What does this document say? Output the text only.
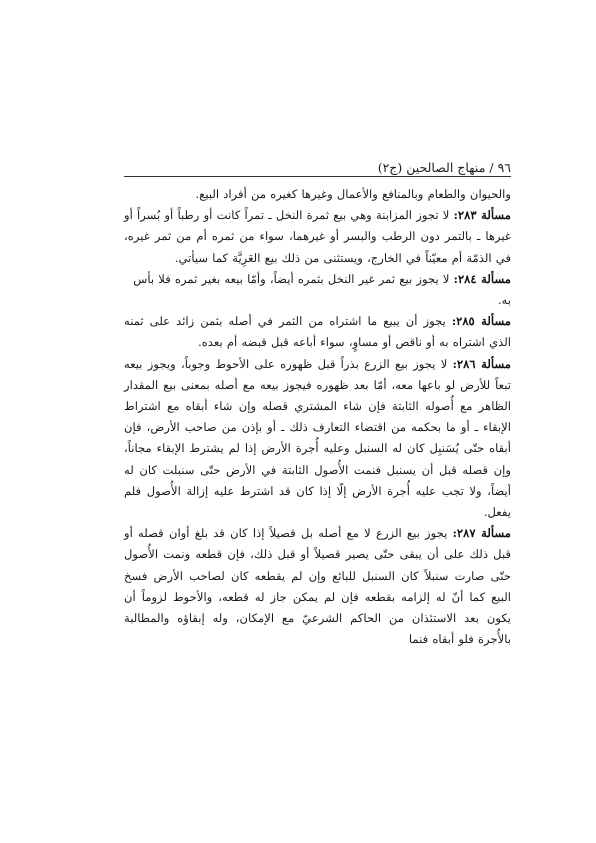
٩٦ / منهاج الصالحين (ج٢)

والحيوان والطعام وبالمنافع والأعمال وغيرها كغيره من أفراد البيع.

مسألة ٢٨٣: لا تجوز المزابنة وهي بيع ثمرة النخل ـ تمراً كانت أو رطباً أو بُسراً أو غيرها ـ بالتمر دون الرطب والبسر أو غيرهما، سواء من ثمره أم من ثمر غيره، في الذمّة أم معيّناً في الخارج، ويستثنى من ذلك بيع العَرِيَّة كما سيأتي.

مسألة ٢٨٤: لا يجوز بيع ثمر غير النخل بثمره أيضاً، وأمّا بيعه بغير ثمره فلا بأس

به.

مسألة ٢٨٥: يجوز أن يبيع ما اشتراه من الثمر في أصله بثمن زائد على ثمنه الذي اشتراه به أو ناقص أو مساوٍ، سواء أباعه قبل قبضه أم بعده.

مسألة ٢٨٦: لا يجوز بيع الزرع بذراً قبل ظهوره على الأحوط وجوباً، ويجوز بيعه تبعاً للأرض لو باعها معه، أمّا بعد ظهوره فيجوز بيعه مع أصله بمعنى بيع المقدار الظاهر مع أُصوله الثابتة فإن شاء المشتري قصله وإن شاء أبقاه مع اشتراط الإبقاء ـ أو ما بحكمه من اقتضاء التعارف ذلك ـ أو بإذن من صاحب الأرض، فإن أبقاه حتّى يُسَنبِل كان له السنبل وعليه أُجرة الأرض إذا لم يشترط الإبقاء مجاناً، وإن قصله قبل أن يسنبل فنمت الأُصول الثابتة في الأرض حتّى سنبلت كان له أيضاً، ولا تجب عليه أُجرة الأرض إلّا إذا كان قد اشترط عليه إزالة الأُصول فلم يفعل.

مسألة ٢٨٧: يجوز بيع الزرع لا مع أصله بل قصيلاً إذا كان قد بلغ أوان قصله أو قبل ذلك على أن يبقى حتّى يصير قصيلاً أو قبل ذلك، فإن قطعه ونمت الأُصول حتّى صارت سنبلاً كان السنبل للبائع وإن لم يقطعه كان لصاحب الأرض فسخ البيع كما أنّ له إلزامه بقطعه فإن لم يمكن جاز له قطعه، والأحوط لزوماً أن يكون بعد الاستئذان من الحاكم الشرعيّ مع الإمكان، وله إبقاؤه والمطالبة بالأُجرة فلو أبقاه فنما
